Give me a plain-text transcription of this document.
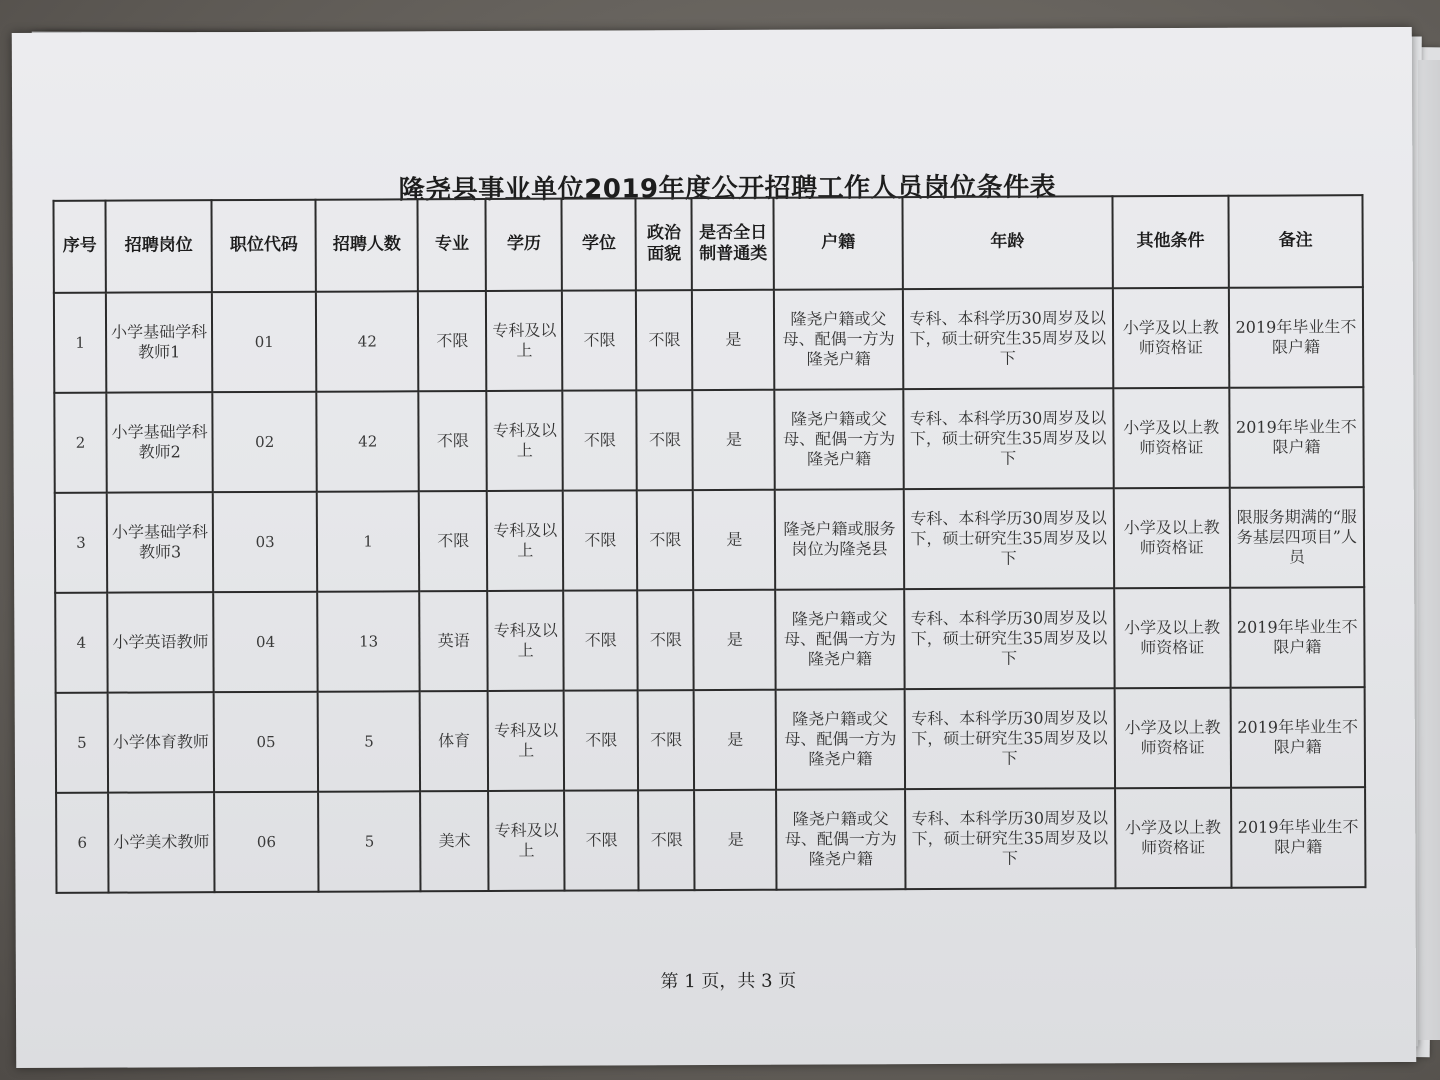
隆尧县事业单位2019年度公开招聘工作人员岗位条件表
序号	招聘岗位	职位代码	招聘人数	专业	学历	学位	政治面貌	是否全日制普通类	户籍	年龄	其他条件	备注
1	小学基础学科教师1	01	42	不限	专科及以上	不限	不限	是	隆尧户籍或父母、配偶一方为隆尧户籍	专科、本科学历30周岁及以下，硕士研究生35周岁及以下	小学及以上教师资格证	2019年毕业生不限户籍
2	小学基础学科教师2	02	42	不限	专科及以上	不限	不限	是	隆尧户籍或父母、配偶一方为隆尧户籍	专科、本科学历30周岁及以下，硕士研究生35周岁及以下	小学及以上教师资格证	2019年毕业生不限户籍
3	小学基础学科教师3	03	1	不限	专科及以上	不限	不限	是	隆尧户籍或服务岗位为隆尧县	专科、本科学历30周岁及以下，硕士研究生35周岁及以下	小学及以上教师资格证	限服务期满的“服务基层四项目”人员
4	小学英语教师	04	13	英语	专科及以上	不限	不限	是	隆尧户籍或父母、配偶一方为隆尧户籍	专科、本科学历30周岁及以下，硕士研究生35周岁及以下	小学及以上教师资格证	2019年毕业生不限户籍
5	小学体育教师	05	5	体育	专科及以上	不限	不限	是	隆尧户籍或父母、配偶一方为隆尧户籍	专科、本科学历30周岁及以下，硕士研究生35周岁及以下	小学及以上教师资格证	2019年毕业生不限户籍
6	小学美术教师	06	5	美术	专科及以上	不限	不限	是	隆尧户籍或父母、配偶一方为隆尧户籍	专科、本科学历30周岁及以下，硕士研究生35周岁及以下	小学及以上教师资格证	2019年毕业生不限户籍
第 1 页，共 3 页
